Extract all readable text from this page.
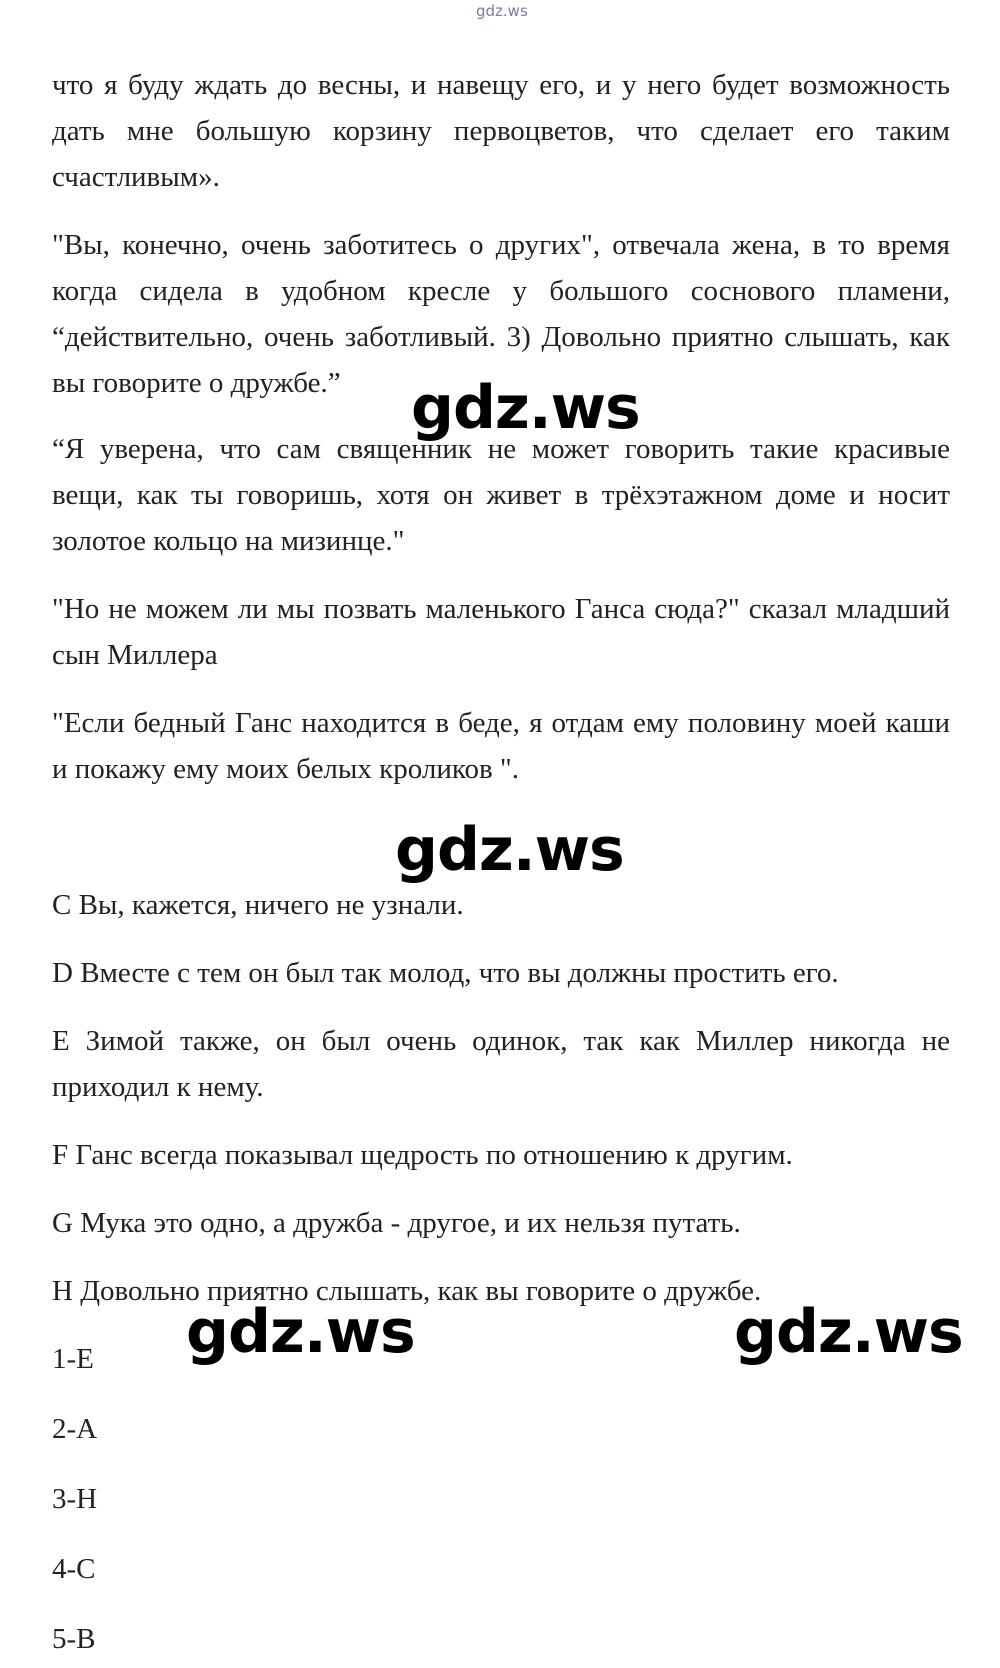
gdz.ws

что я буду ждать до весны, и навещу его, и у него будет возможность дать мне большую корзину первоцветов, что сделает его таким счастливым».

"Вы, конечно, очень заботитесь о других", отвечала жена, в то время когда сидела в удобном кресле у большого соснового пламени, “действительно, очень заботливый. 3) Довольно приятно слышать, как вы говорите о дружбе.”

“Я уверена, что сам священник не может говорить такие красивые вещи, как ты говоришь, хотя он живет в трёхэтажном доме и носит золотое кольцо на мизинце."

"Но не можем ли мы позвать маленького Ганса сюда?" сказал младший сын Миллера

"Если бедный Ганс находится в беде, я отдам ему половину моей каши и покажу ему моих белых кроликов ".

C Вы, кажется, ничего не узнали.

D Вместе с тем он был так молод, что вы должны простить его.

E Зимой также, он был очень одинок, так как Миллер никогда не приходил к нему.

F Ганс всегда показывал щедрость по отношению к другим.

G Мука это одно, а дружба - другое, и их нельзя путать.

H Довольно приятно слышать, как вы говорите о дружбе.

1-E
2-A
3-H
4-C
5-B
gdz.ws
gdz.ws
gdz.ws	gdz.ws
